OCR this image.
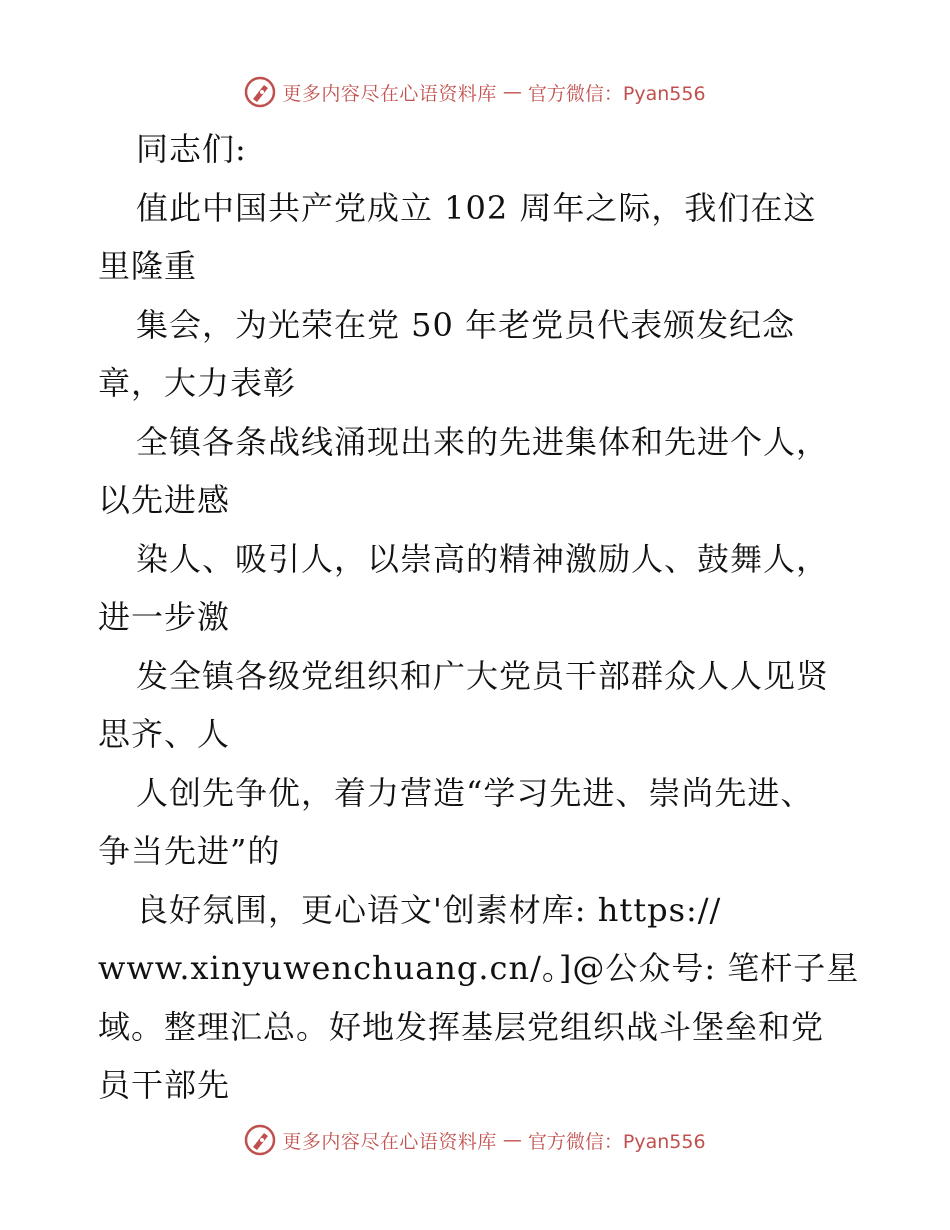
更多内容尽在心语资料库 — 官方微信：Pyan556
同志们:
值此中国共产党成立 102 周年之际，我们在这
里隆重
集会，为光荣在党 50 年老党员代表颁发纪念
章，大力表彰
全镇各条战线涌现出来的先进集体和先进个人，
以先进感
染人、吸引人，以崇高的精神激励人、鼓舞人，
进一步激
发全镇各级党组织和广大党员干部群众人人见贤
思齐、人
人创先争优，着力营造“学习先进、崇尚先进、
争当先进”的
良好氛围，更心语文'创素材库: https://
www.xinyuwenchuang.cn/。]@公众号: 笔杆子星
域。整理汇总。好地发挥基层党组织战斗堡垒和党
员干部先
更多内容尽在心语资料库 — 官方微信：Pyan556
